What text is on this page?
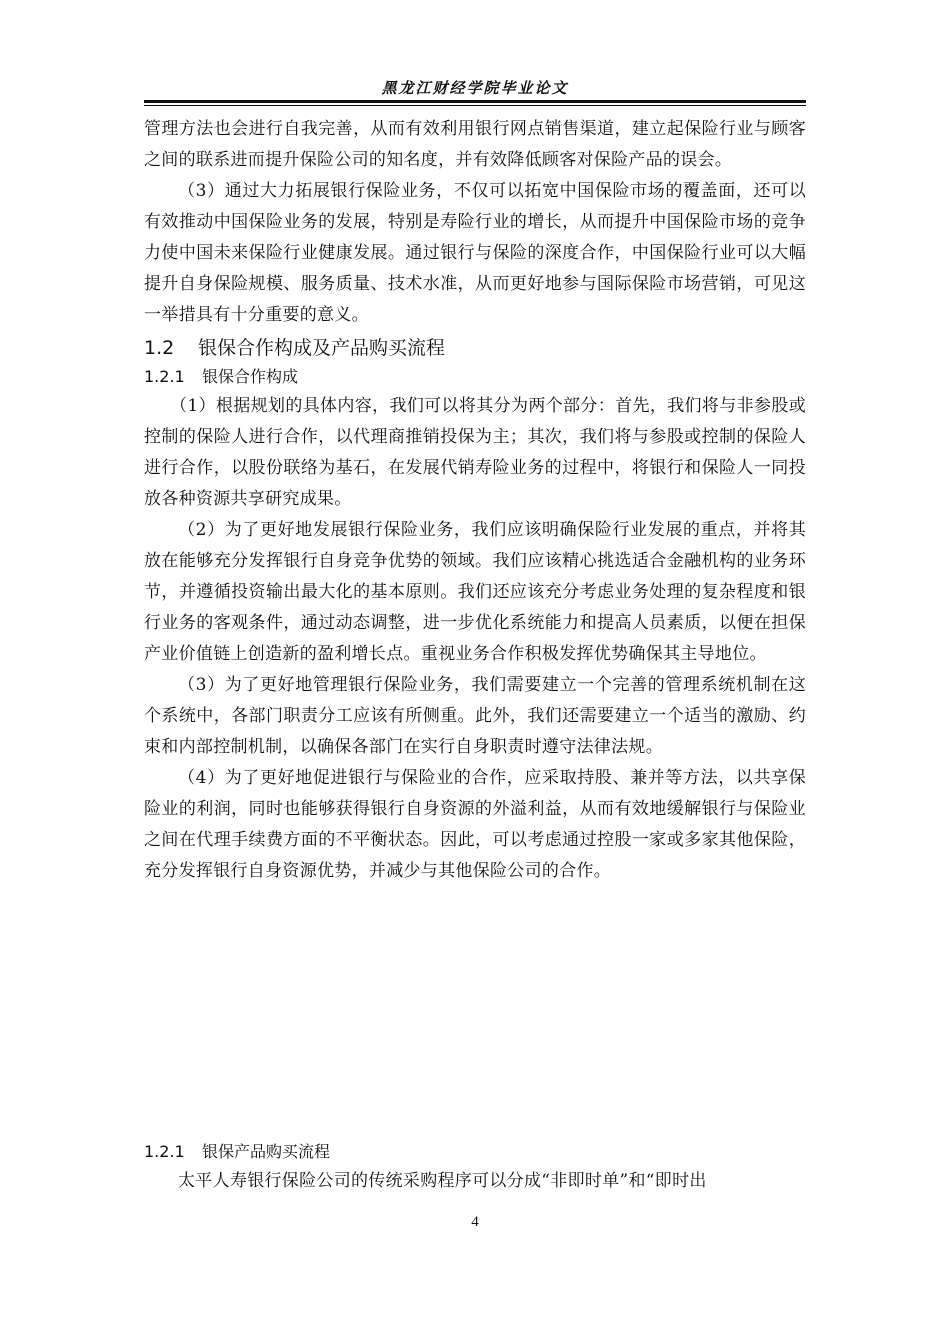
黑龙江财经学院毕业论文

管理方法也会进行自我完善，从而有效利用银行网点销售渠道，建立起保险行业与顾客之间的联系进而提升保险公司的知名度，并有效降低顾客对保险产品的误会。

（3）通过大力拓展银行保险业务，不仅可以拓宽中国保险市场的覆盖面，还可以有效推动中国保险业务的发展，特别是寿险行业的增长，从而提升中国保险市场的竞争力使中国未来保险行业健康发展。通过银行与保险的深度合作，中国保险行业可以大幅提升自身保险规模、服务质量、技术水准，从而更好地参与国际保险市场营销，可见这一举措具有十分重要的意义。

1.2 银保合作构成及产品购买流程
1.2.1 银保合作构成

（1）根据规划的具体内容，我们可以将其分为两个部分：首先，我们将与非参股或控制的保险人进行合作，以代理商推销投保为主；其次，我们将与参股或控制的保险人进行合作，以股份联络为基石，在发展代销寿险业务的过程中，将银行和保险人一同投放各种资源共享研究成果。

（2）为了更好地发展银行保险业务，我们应该明确保险行业发展的重点，并将其放在能够充分发挥银行自身竞争优势的领域。我们应该精心挑选适合金融机构的业务环节，并遵循投资输出最大化的基本原则。我们还应该充分考虑业务处理的复杂程度和银行业务的客观条件，通过动态调整，进一步优化系统能力和提高人员素质，以便在担保产业价值链上创造新的盈利增长点。重视业务合作积极发挥优势确保其主导地位。

（3）为了更好地管理银行保险业务，我们需要建立一个完善的管理系统机制在这个系统中，各部门职责分工应该有所侧重。此外，我们还需要建立一个适当的激励、约束和内部控制机制，以确保各部门在实行自身职责时遵守法律法规。

（4）为了更好地促进银行与保险业的合作，应采取持股、兼并等方法，以共享保险业的利润，同时也能够获得银行自身资源的外溢利益，从而有效地缓解银行与保险业之间在代理手续费方面的不平衡状态。因此，可以考虑通过控股一家或多家其他保险，充分发挥银行自身资源优势，并减少与其他保险公司的合作。

1.2.1 银保产品购买流程

太平人寿银行保险公司的传统采购程序可以分成“非即时单”和“即时出

4
